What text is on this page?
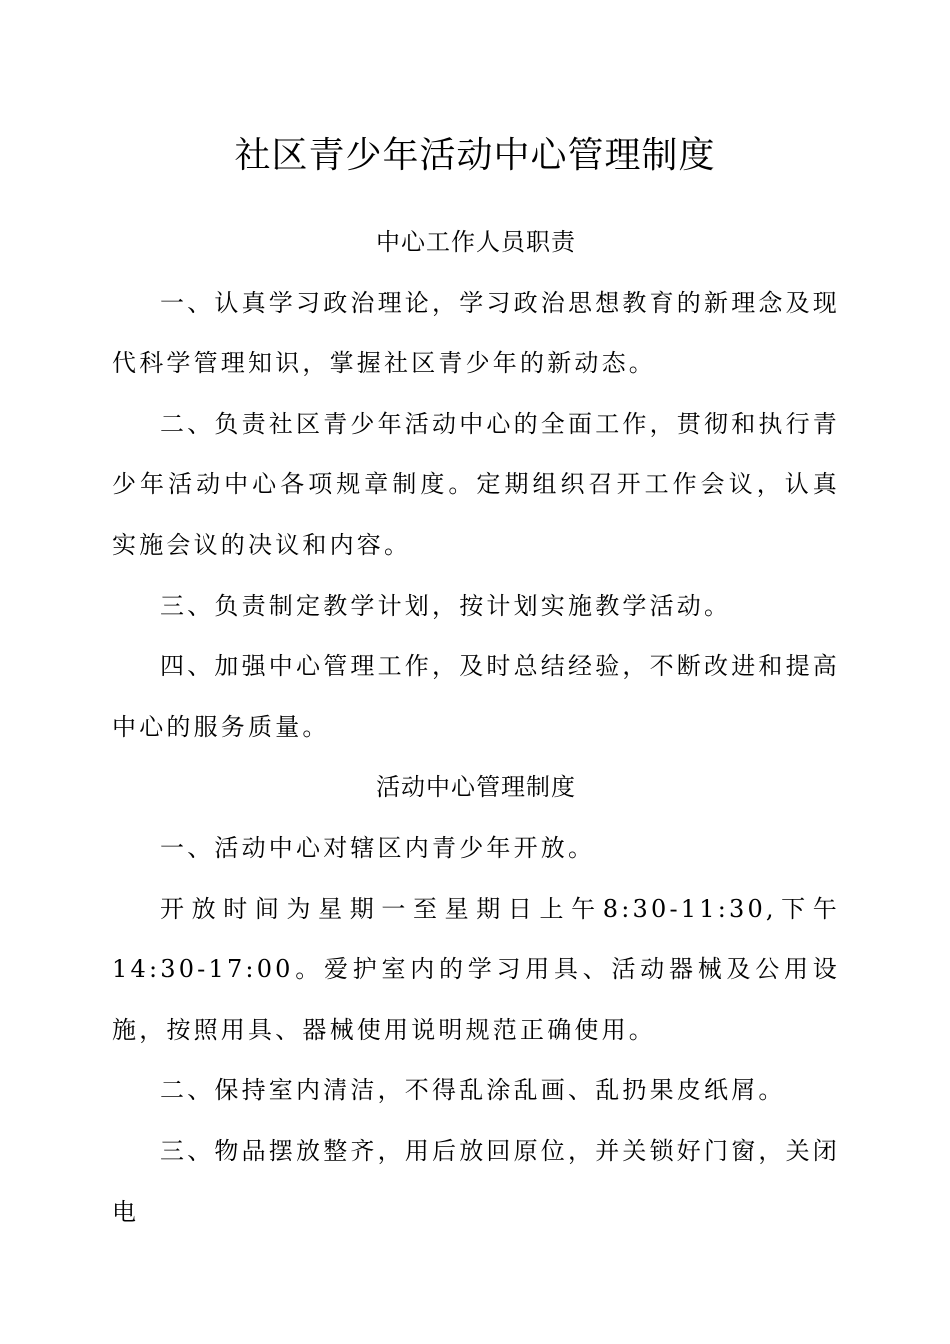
社区青少年活动中心管理制度
中心工作人员职责

一、认真学习政治理论，学习政治思想教育的新理念及现代科学管理知识，掌握社区青少年的新动态。

二、负责社区青少年活动中心的全面工作，贯彻和执行青少年活动中心各项规章制度。定期组织召开工作会议，认真实施会议的决议和内容。

三、负责制定教学计划，按计划实施教学活动。

四、加强中心管理工作，及时总结经验，不断改进和提高中心的服务质量。

活动中心管理制度

一、活动中心对辖区内青少年开放。

开放时间为星期一至星期日上午8:30-11:30,下午14:30-17:00。爱护室内的学习用具、活动器械及公用设施，按照用具、器械使用说明规范正确使用。

二、保持室内清洁，不得乱涂乱画、乱扔果皮纸屑。

三、物品摆放整齐，用后放回原位，并关锁好门窗，关闭电
